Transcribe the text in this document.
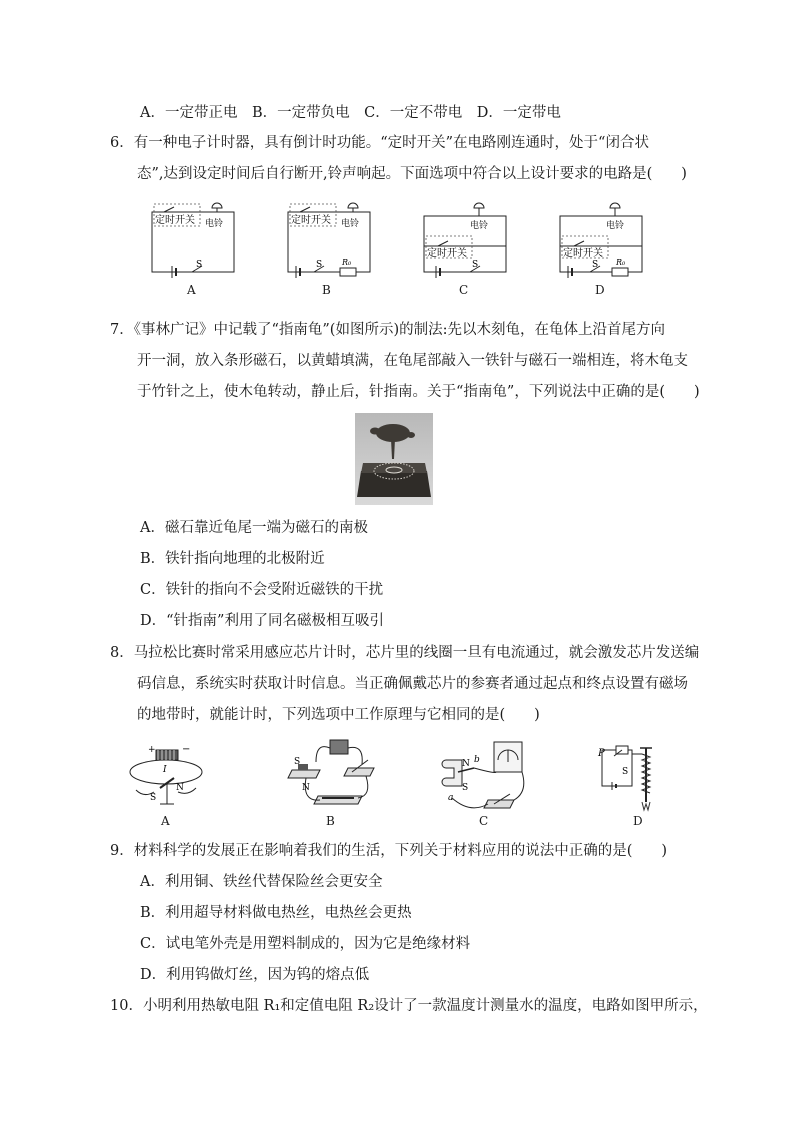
A．一定带正电　B．一定带负电　C．一定不带电　D．一定带电
6．有一种电子计时器，具有倒计时功能。“定时开关”在电路刚连通时，处于“闭合状
态”,达到设定时间后自行断开,铃声响起。下面选项中符合以上设计要求的电路是(　　)
定时开关 电铃
S
A
定时开关 电铃
S R₀
B
电铃
定时开关
S
C
电铃
定时开关
S R₀
D
7．《事林广记》中记载了“指南龟”(如图所示)的制法:先以木刻龟，在龟体上沿首尾方向
开一洞，放入条形磁石，以黄蜡填满，在龟尾部敲入一铁针与磁石一端相连，将木龟支
于竹针之上，使木龟转动，静止后，针指南。关于“指南龟”，下列说法中正确的是(　　)
A．磁石靠近龟尾一端为磁石的南极
B．铁针指向地理的北极附近
C．铁针的指向不会受附近磁铁的干扰
D．“针指南”利用了同名磁极相互吸引
8．马拉松比赛时常采用感应芯片计时，芯片里的线圈一旦有电流通过，就会激发芯片发送编
码信息，系统实时获取计时信息。当正确佩戴芯片的参赛者通过起点和终点设置有磁场
的地带时，就能计时，下列选项中工作原理与它相同的是(　　)
+	−
I
S
N
A
S
N
B
N
S
a
b
C
P
S
D
9．材料科学的发展正在影响着我们的生活，下列关于材料应用的说法中正确的是(　　)
A．利用铜、铁丝代替保险丝会更安全
B．利用超导材料做电热丝，电热丝会更热
C．试电笔外壳是用塑料制成的，因为它是绝缘材料
D．利用钨做灯丝，因为钨的熔点低
10．小明利用热敏电阻 R₁和定值电阻 R₂设计了一款温度计测量水的温度，电路如图甲所示，
